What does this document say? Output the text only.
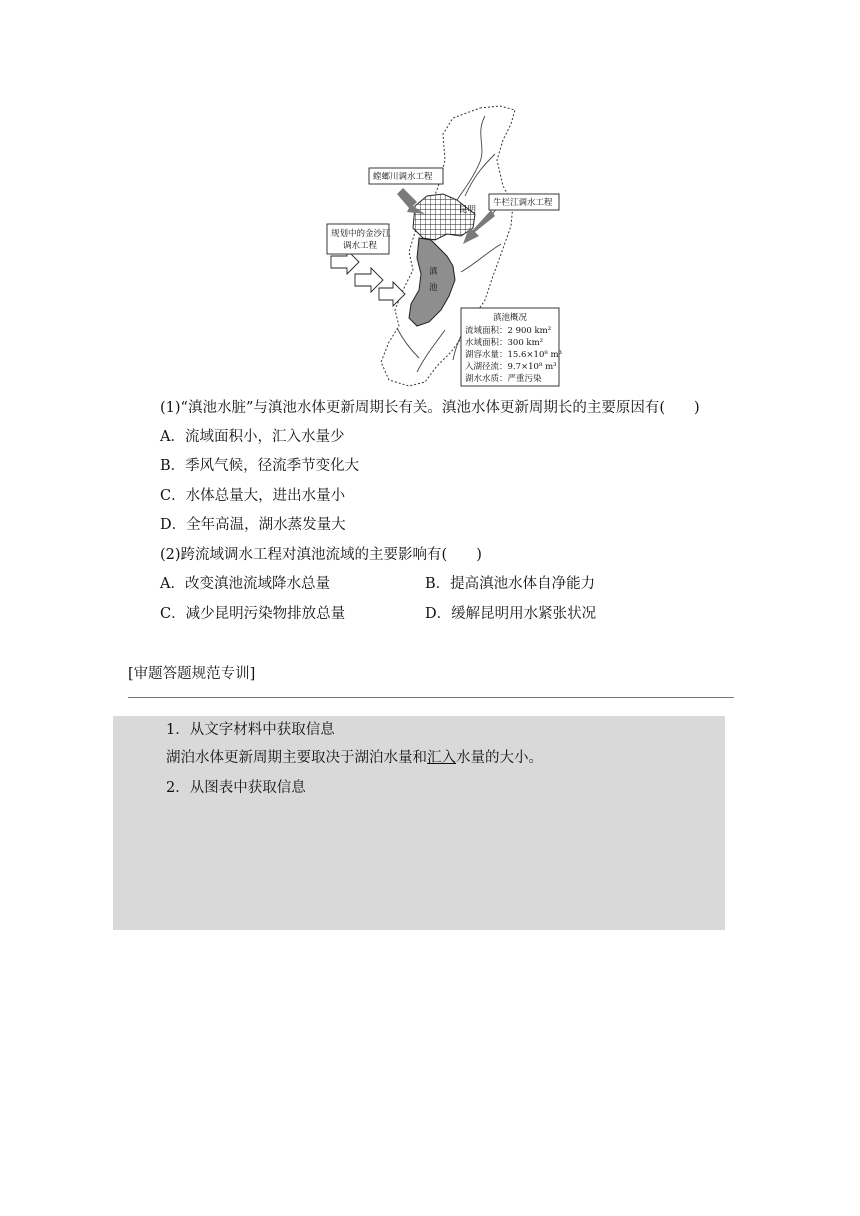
螳螂川调水工程
牛栏江调水工程
规划中的金沙江
调水工程
昆明
滇
池
滇池概况
流域面积：2 900 km²
水域面积：300 km²
湖容水量：15.6×10⁸ m³
入湖径流：9.7×10⁸ m³
湖水水质：严重污染
(1)“滇池水脏”与滇池水体更新周期长有关。滇池水体更新周期长的主要原因有(　　)
A．流域面积小，汇入水量少
B．季风气候，径流季节变化大
C．水体总量大，进出水量小
D．全年高温，湖水蒸发量大
(2)跨流域调水工程对滇池流域的主要影响有(　　)
A．改变滇池流域降水总量	B．提高滇池水体自净能力
C．减少昆明污染物排放总量	D．缓解昆明用水紧张状况
[审题答题规范专训]
1．从文字材料中获取信息
湖泊水体更新周期主要取决于湖泊水量和汇入水量的大小。
2．从图表中获取信息
